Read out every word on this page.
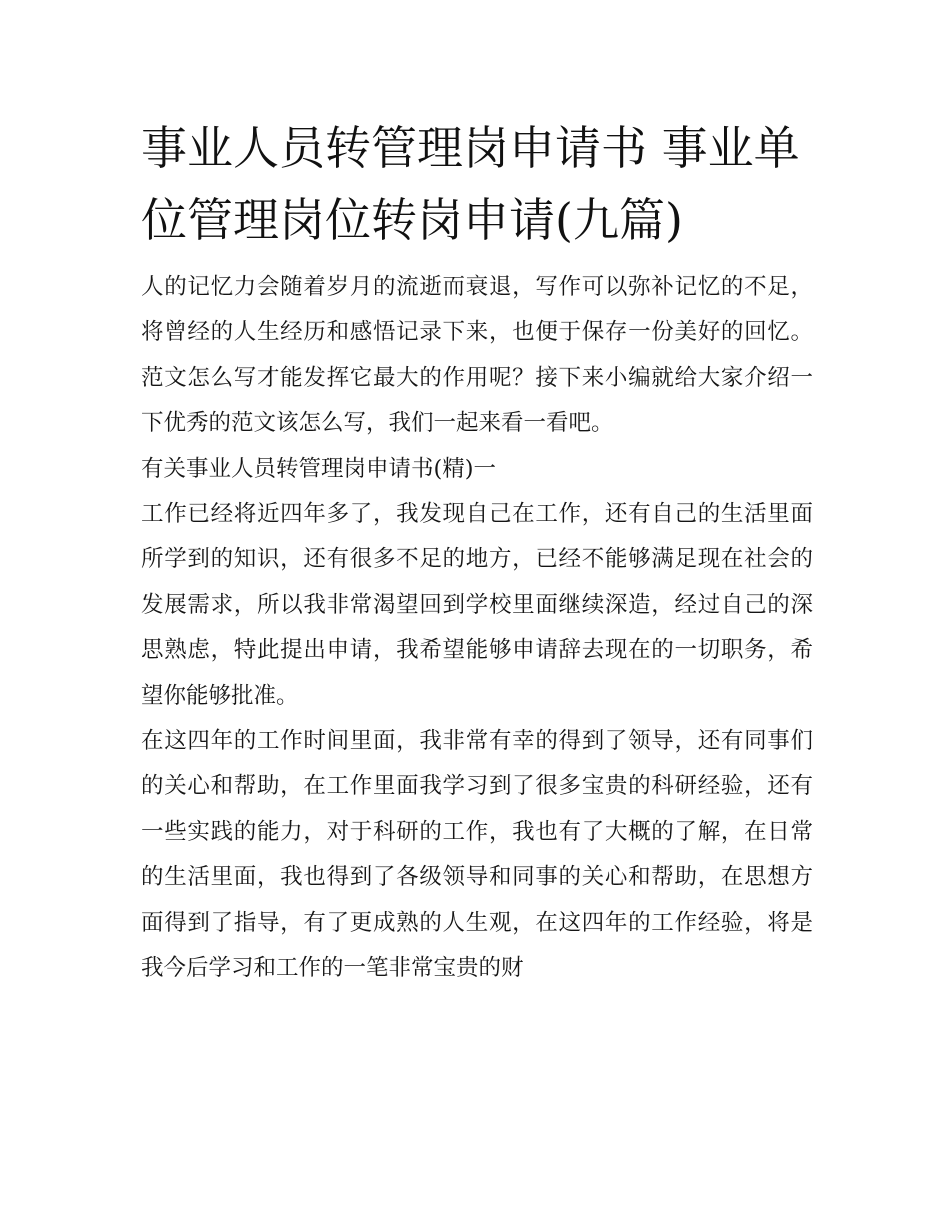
事业人员转管理岗申请书 事业单位管理岗位转岗申请(九篇)

人的记忆力会随着岁月的流逝而衰退，写作可以弥补记忆的不足，将曾经的人生经历和感悟记录下来，也便于保存一份美好的回忆。范文怎么写才能发挥它最大的作用呢？接下来小编就给大家介绍一下优秀的范文该怎么写，我们一起来看一看吧。

有关事业人员转管理岗申请书(精)一

工作已经将近四年多了，我发现自己在工作，还有自己的生活里面所学到的知识，还有很多不足的地方，已经不能够满足现在社会的发展需求，所以我非常渴望回到学校里面继续深造，经过自己的深思熟虑，特此提出申请，我希望能够申请辞去现在的一切职务，希望你能够批准。

在这四年的工作时间里面，我非常有幸的得到了领导，还有同事们的关心和帮助，在工作里面我学习到了很多宝贵的科研经验，还有一些实践的能力，对于科研的工作，我也有了大概的了解，在日常的生活里面，我也得到了各级领导和同事的关心和帮助，在思想方面得到了指导，有了更成熟的人生观，在这四年的工作经验，将是我今后学习和工作的一笔非常宝贵的财
